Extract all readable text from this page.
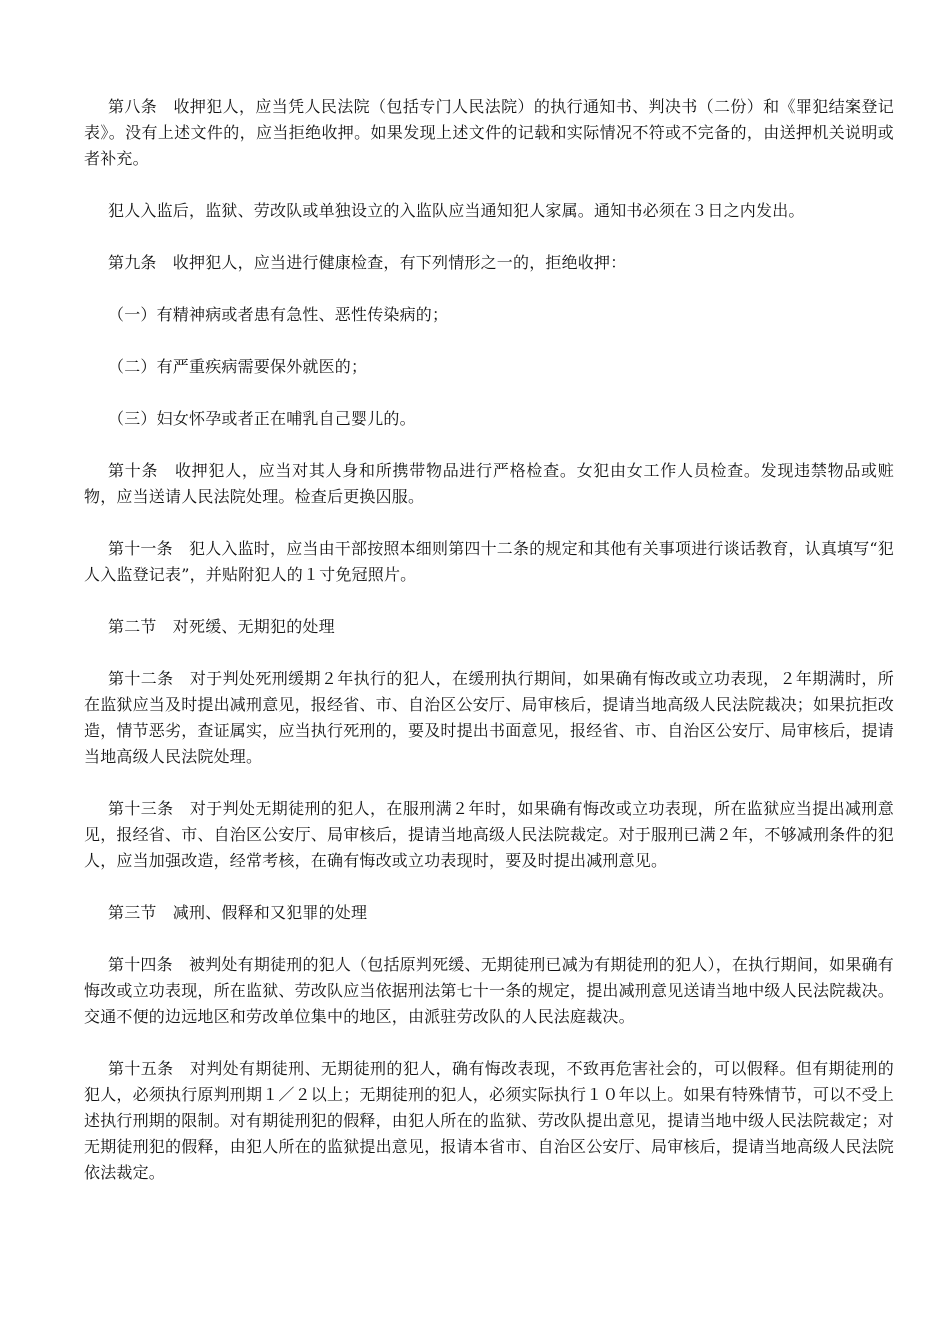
第八条　收押犯人，应当凭人民法院（包括专门人民法院）的执行通知书、判决书（二份）和《罪犯结案登记表》。没有上述文件的，应当拒绝收押。如果发现上述文件的记载和实际情况不符或不完备的，由送押机关说明或者补充。

犯人入监后，监狱、劳改队或单独设立的入监队应当通知犯人家属。通知书必须在３日之内发出。

第九条　收押犯人，应当进行健康检查，有下列情形之一的，拒绝收押：

（一）有精神病或者患有急性、恶性传染病的；

（二）有严重疾病需要保外就医的；

（三）妇女怀孕或者正在哺乳自己婴儿的。

第十条　收押犯人，应当对其人身和所携带物品进行严格检查。女犯由女工作人员检查。发现违禁物品或赃物，应当送请人民法院处理。检查后更换囚服。

第十一条　犯人入监时，应当由干部按照本细则第四十二条的规定和其他有关事项进行谈话教育，认真填写“犯人入监登记表”，并贴附犯人的１寸免冠照片。

第二节　对死缓、无期犯的处理

第十二条　对于判处死刑缓期２年执行的犯人，在缓刑执行期间，如果确有悔改或立功表现，２年期满时，所在监狱应当及时提出减刑意见，报经省、市、自治区公安厅、局审核后，提请当地高级人民法院裁决；如果抗拒改造，情节恶劣，查证属实，应当执行死刑的，要及时提出书面意见，报经省、市、自治区公安厅、局审核后，提请当地高级人民法院处理。

第十三条　对于判处无期徒刑的犯人，在服刑满２年时，如果确有悔改或立功表现，所在监狱应当提出减刑意见，报经省、市、自治区公安厅、局审核后，提请当地高级人民法院裁定。对于服刑已满２年，不够减刑条件的犯人，应当加强改造，经常考核，在确有悔改或立功表现时，要及时提出减刑意见。

第三节　减刑、假释和又犯罪的处理

第十四条　被判处有期徒刑的犯人（包括原判死缓、无期徒刑已减为有期徒刑的犯人），在执行期间，如果确有悔改或立功表现，所在监狱、劳改队应当依据刑法第七十一条的规定，提出减刑意见送请当地中级人民法院裁决。交通不便的边远地区和劳改单位集中的地区，由派驻劳改队的人民法庭裁决。

第十五条　对判处有期徒刑、无期徒刑的犯人，确有悔改表现，不致再危害社会的，可以假释。但有期徒刑的犯人，必须执行原判刑期１／２以上；无期徒刑的犯人，必须实际执行１０年以上。如果有特殊情节，可以不受上述执行刑期的限制。对有期徒刑犯的假释，由犯人所在的监狱、劳改队提出意见，提请当地中级人民法院裁定；对无期徒刑犯的假释，由犯人所在的监狱提出意见，报请本省市、自治区公安厅、局审核后，提请当地高级人民法院依法裁定。
